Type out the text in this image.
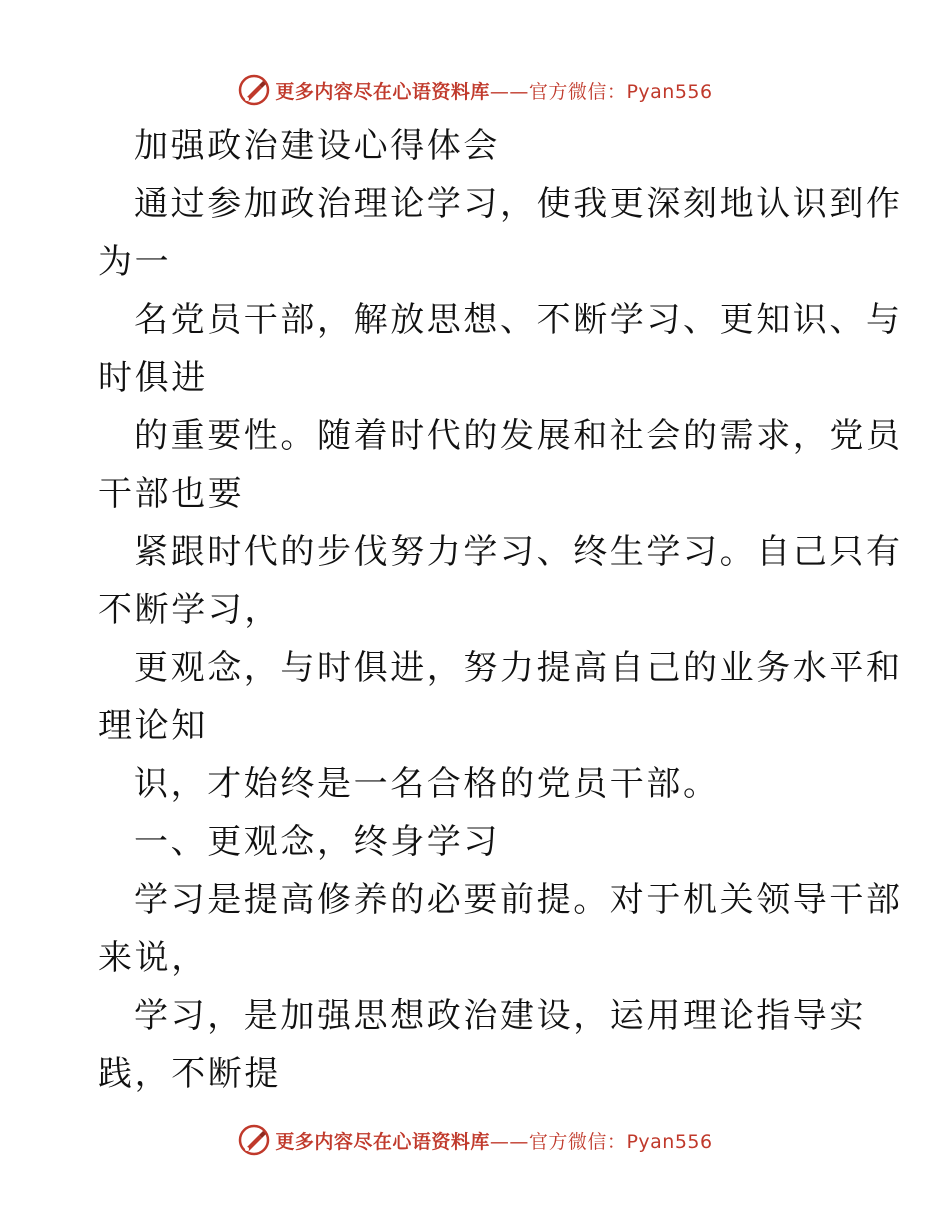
更多内容尽在心语资料库——官方微信：Pyan556
加强政治建设心得体会
通过参加政治理论学习，使我更深刻地认识到作
为一
名党员干部，解放思想、不断学习、更知识、与
时俱进
的重要性。随着时代的发展和社会的需求，党员
干部也要
紧跟时代的步伐努力学习、终生学习。自己只有
不断学习，
更观念，与时俱进，努力提高自己的业务水平和
理论知
识，才始终是一名合格的党员干部。
一、更观念，终身学习
学习是提高修养的必要前提。对于机关领导干部
来说，
学习，是加强思想政治建设，运用理论指导实
践，不断提
更多内容尽在心语资料库——官方微信：Pyan556
